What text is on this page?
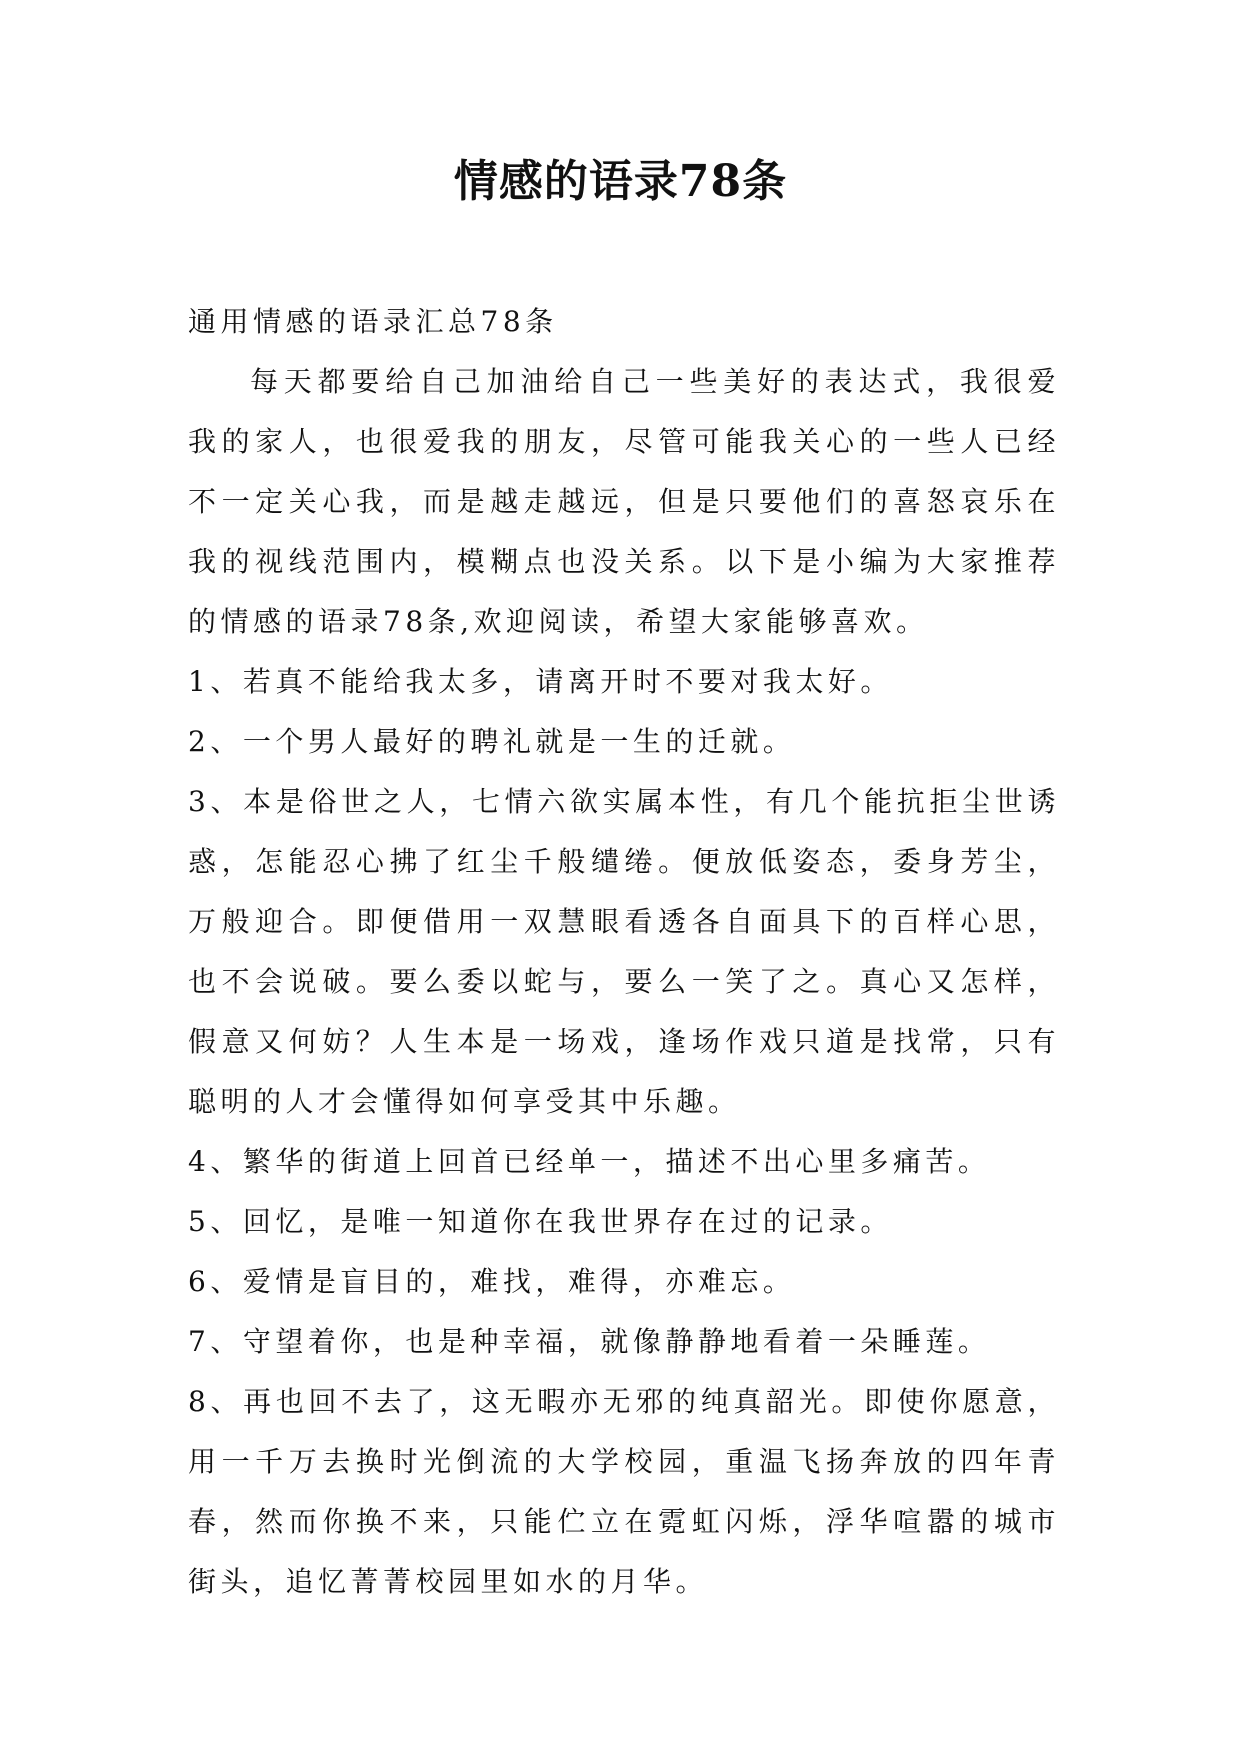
情感的语录78条

通用情感的语录汇总78条

每天都要给自己加油给自己一些美好的表达式，我很爱我的家人，也很爱我的朋友，尽管可能我关心的一些人已经不一定关心我，而是越走越远，但是只要他们的喜怒哀乐在我的视线范围内，模糊点也没关系。以下是小编为大家推荐的情感的语录78条,欢迎阅读，希望大家能够喜欢。

1、若真不能给我太多，请离开时不要对我太好。

2、一个男人最好的聘礼就是一生的迁就。

3、本是俗世之人，七情六欲实属本性，有几个能抗拒尘世诱惑，怎能忍心拂了红尘千般缱绻。便放低姿态，委身芳尘，万般迎合。即便借用一双慧眼看透各自面具下的百样心思，也不会说破。要么委以蛇与，要么一笑了之。真心又怎样，假意又何妨？人生本是一场戏，逢场作戏只道是找常，只有聪明的人才会懂得如何享受其中乐趣。

4、繁华的街道上回首已经单一，描述不出心里多痛苦。

5、回忆，是唯一知道你在我世界存在过的记录。

6、爱情是盲目的，难找，难得，亦难忘。

7、守望着你，也是种幸福，就像静静地看着一朵睡莲。

8、再也回不去了，这无暇亦无邪的纯真韶光。即使你愿意，用一千万去换时光倒流的大学校园，重温飞扬奔放的四年青春，然而你换不来，只能伫立在霓虹闪烁，浮华喧嚣的城市街头，追忆菁菁校园里如水的月华。
